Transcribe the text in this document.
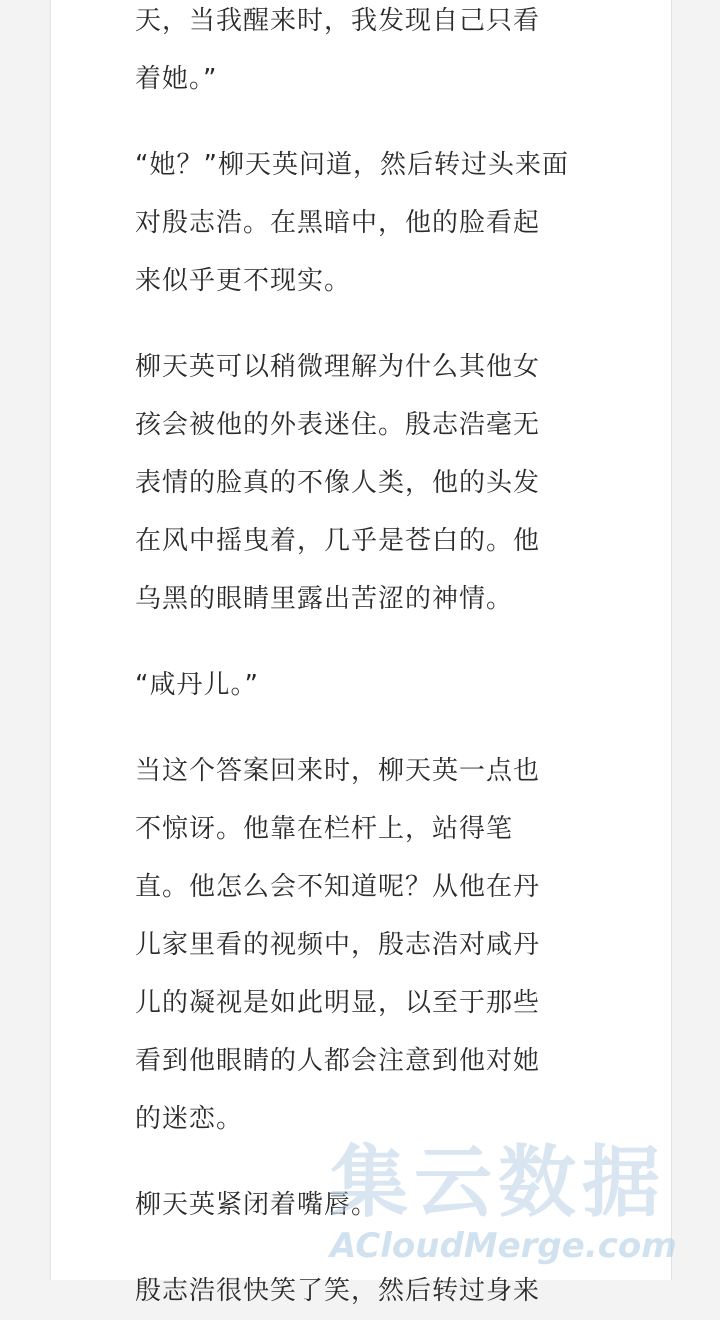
天，当我醒来时，我发现自己只看
着她。”

“她？”柳天英问道，然后转过头来面
对殷志浩。在黑暗中，他的脸看起
来似乎更不现实。

柳天英可以稍微理解为什么其他女
孩会被他的外表迷住。殷志浩毫无
表情的脸真的不像人类，他的头发
在风中摇曳着，几乎是苍白的。他
乌黑的眼睛里露出苦涩的神情。

“咸丹儿。”

当这个答案回来时，柳天英一点也
不惊讶。他靠在栏杆上，站得笔
直。他怎么会不知道呢？从他在丹
儿家里看的视频中，殷志浩对咸丹
儿的凝视是如此明显，以至于那些
看到他眼睛的人都会注意到他对她
的迷恋。

柳天英紧闭着嘴唇。

殷志浩很快笑了笑，然后转过身来

集云数据
ACloudMerge.com
